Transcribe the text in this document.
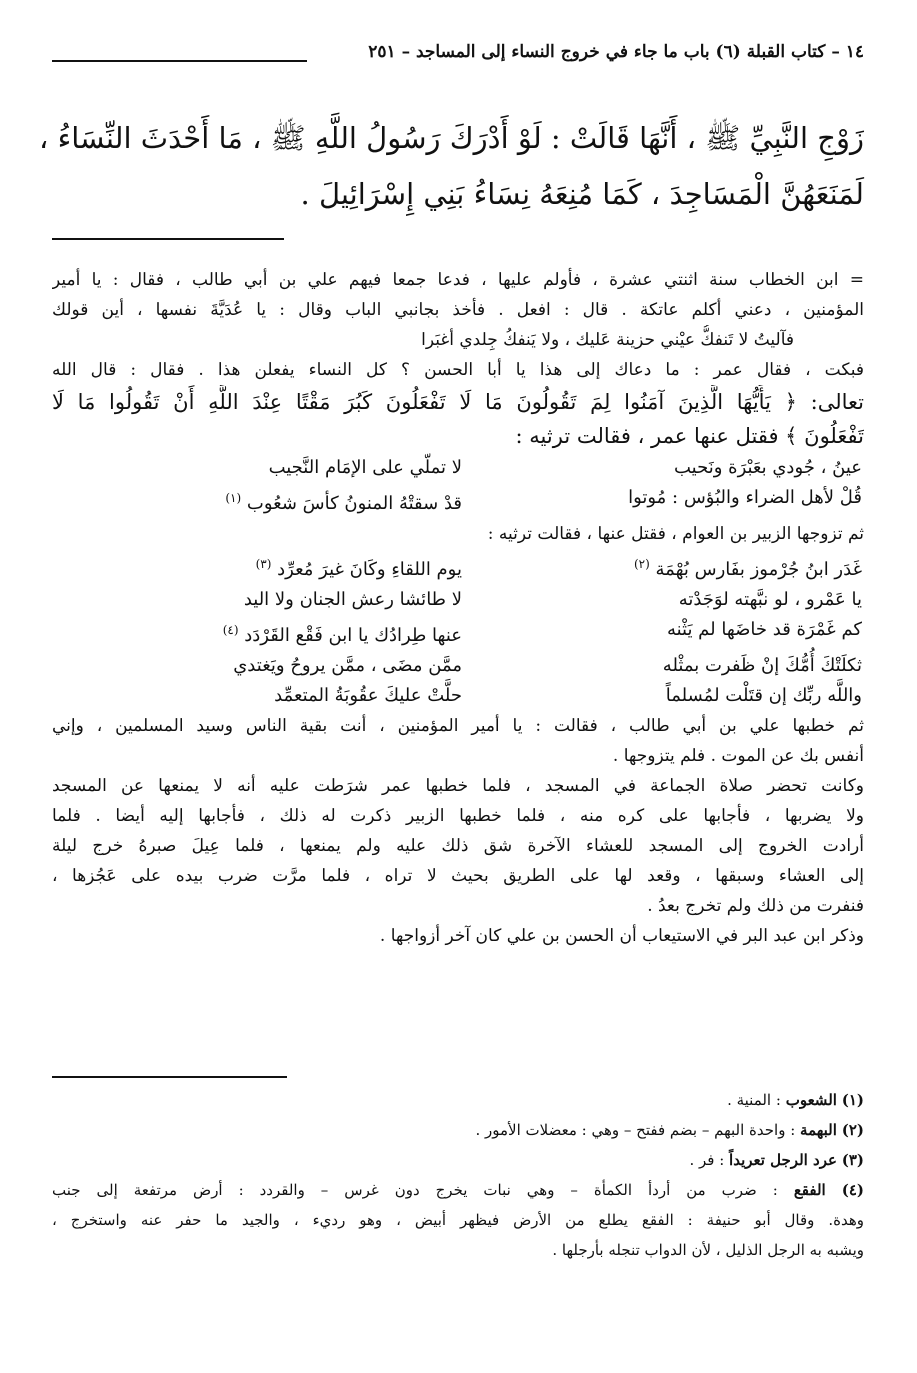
١٤ – كتاب القبلة (٦) باب ما جاء في خروج النساء إلى المساجد – ٢٥١
زَوْجِ النَّبِيِّ ﷺ ، أَنَّهَا قَالَتْ : لَوْ أَدْرَكَ رَسُولُ اللَّهِ ﷺ ، مَا أَحْدَثَ النِّسَاءُ ،
لَمَنَعَهُنَّ الْمَسَاجِدَ ، كَمَا مُنِعَهُ نِسَاءُ بَنِي إِسْرَائِيلَ .
= ابن الخطاب سنة اثنتي عشرة ، فأولم عليها ، فدعا جمعا فيهم علي بن أبي طالب ، فقال : يا أمير
المؤمنين ، دعني أكلم عاتكة . قال : افعل . فأخذ بجانبي الباب وقال : يا عُدَيَّةَ نفسها ، أين قولك
فآليتُ لا تَنفكُّ عيْني حزينة عَليك ، ولا يَنفكُ جِلدي أغبَرا
فبكت ، فقال عمر : ما دعاك إلى هذا يا أبا الحسن ؟ كل النساء يفعلن هذا . فقال : قال الله
تعالى: ﴿ يَأَيُّهَا الَّذِينَ آمَنُوا لِمَ تَقُولُونَ مَا لَا تَفْعَلُونَ كَبُرَ مَقْتًا عِنْدَ اللَّهِ أَنْ تَقُولُوا مَا لَا
تَفْعَلُونَ ﴾ فقتل عنها عمر ، فقالت ترثيه :
عينُ ، جُودي بعَبْرَة ونَحيب
لا تملّي على الإمَام النَّجيب
قُلْ لأهل الضراء والبُؤس : مُوتوا
قدْ سقتْهُ المنونُ كأسَ شعُوب $^{(١)}$
ثم تزوجها الزبير بن العوام ، فقتل عنها ، فقالت ترثيه :
غَدَر ابنُ جُرْموز بفَارس بُهْمَة $^{(٢)}$
يوم اللقاءِ وكَانَ غيرَ مُعرِّد $^{(٣)}$
يا عَمْرو ، لو نبَّهته لوَجَدْته
لا طائشا رعش الجنان ولا اليد
كم غَمْرَة قد خاضَها لم يَثْنه
عنها طِرادُك يا ابن فَقْع القَرْدَد $^{(٤)}$
ثكلَتْكَ أُمُّكَ إنْ ظَفرت بمثْله
ممَّن مضَى ، ممَّن يروحُ ويَغتدي
واللَّه ربِّك إن قتَلْت لمُسلماً
حلَّتْ عليكَ عقُوبَةُ المتعمِّد
ثم خطبها علي بن أبي طالب ، فقالت : يا أمير المؤمنين ، أنت بقية الناس وسيد المسلمين ، وإني
أنفس بك عن الموت . فلم يتزوجها .
وكانت تحضر صلاة الجماعة في المسجد ، فلما خطبها عمر شرَطت عليه أنه لا يمنعها عن المسجد
ولا يضربها ، فأجابها على كره منه ، فلما خطبها الزبير ذكرت له ذلك ، فأجابها إليه أيضا . فلما
أرادت الخروج إلى المسجد للعشاء الآخرة شق ذلك عليه ولم يمنعها ، فلما عِيلَ صبرهُ خرج ليلة
إلى العشاء وسبقها ، وقعد لها على الطريق بحيث لا تراه ، فلما مرَّت ضرب بيده على عَجُزها ،
فنفرت من ذلك ولم تخرج بعدُ .
وذكر ابن عبد البر في الاستيعاب أن الحسن بن علي كان آخر أزواجها .
(١) الشعوب : المنية .
(٢) البهمة : واحدة البهم – بضم ففتح – وهي : معضلات الأمور .
(٣) عرد الرجل تعريداً : فر .
(٤) الفقع : ضرب من أردأ الكمأة – وهي نبات يخرج دون غرس – والقردد : أرض مرتفعة إلى جنب
وهدة. وقال أبو حنيفة : الفقع يطلع من الأرض فيظهر أبيض ، وهو رديء ، والجيد ما حفر عنه واستخرج ،
ويشبه به الرجل الذليل ، لأن الدواب تنجله بأرجلها .
